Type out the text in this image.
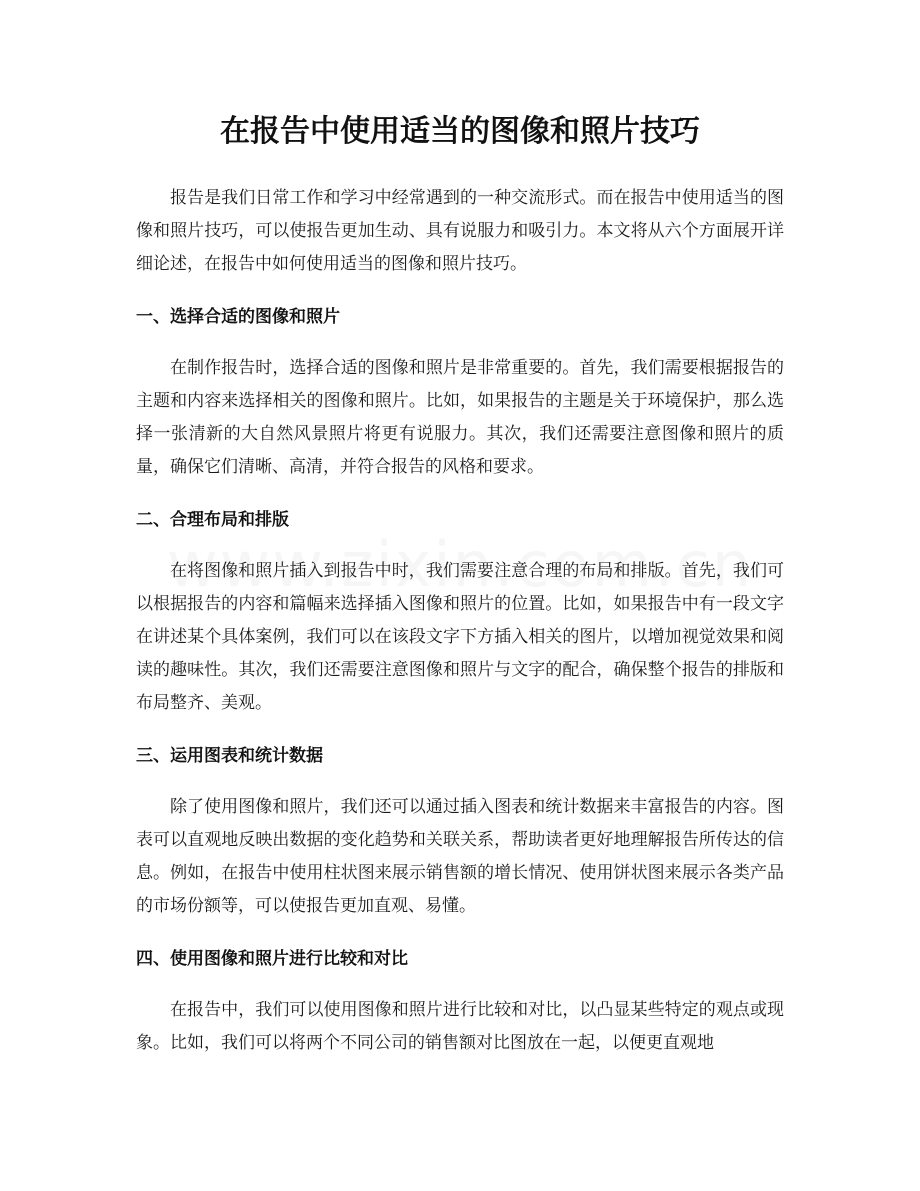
在报告中使用适当的图像和照片技巧

报告是我们日常工作和学习中经常遇到的一种交流形式。而在报告中使用适当的图像和照片技巧，可以使报告更加生动、具有说服力和吸引力。本文将从六个方面展开详细论述，在报告中如何使用适当的图像和照片技巧。

一、选择合适的图像和照片

在制作报告时，选择合适的图像和照片是非常重要的。首先，我们需要根据报告的主题和内容来选择相关的图像和照片。比如，如果报告的主题是关于环境保护，那么选择一张清新的大自然风景照片将更有说服力。其次，我们还需要注意图像和照片的质量，确保它们清晰、高清，并符合报告的风格和要求。

二、合理布局和排版

在将图像和照片插入到报告中时，我们需要注意合理的布局和排版。首先，我们可以根据报告的内容和篇幅来选择插入图像和照片的位置。比如，如果报告中有一段文字在讲述某个具体案例，我们可以在该段文字下方插入相关的图片，以增加视觉效果和阅读的趣味性。其次，我们还需要注意图像和照片与文字的配合，确保整个报告的排版和布局整齐、美观。

三、运用图表和统计数据

除了使用图像和照片，我们还可以通过插入图表和统计数据来丰富报告的内容。图表可以直观地反映出数据的变化趋势和关联关系，帮助读者更好地理解报告所传达的信息。例如，在报告中使用柱状图来展示销售额的增长情况、使用饼状图来展示各类产品的市场份额等，可以使报告更加直观、易懂。

四、使用图像和照片进行比较和对比

在报告中，我们可以使用图像和照片进行比较和对比，以凸显某些特定的观点或现象。比如，我们可以将两个不同公司的销售额对比图放在一起，以便更直观地
